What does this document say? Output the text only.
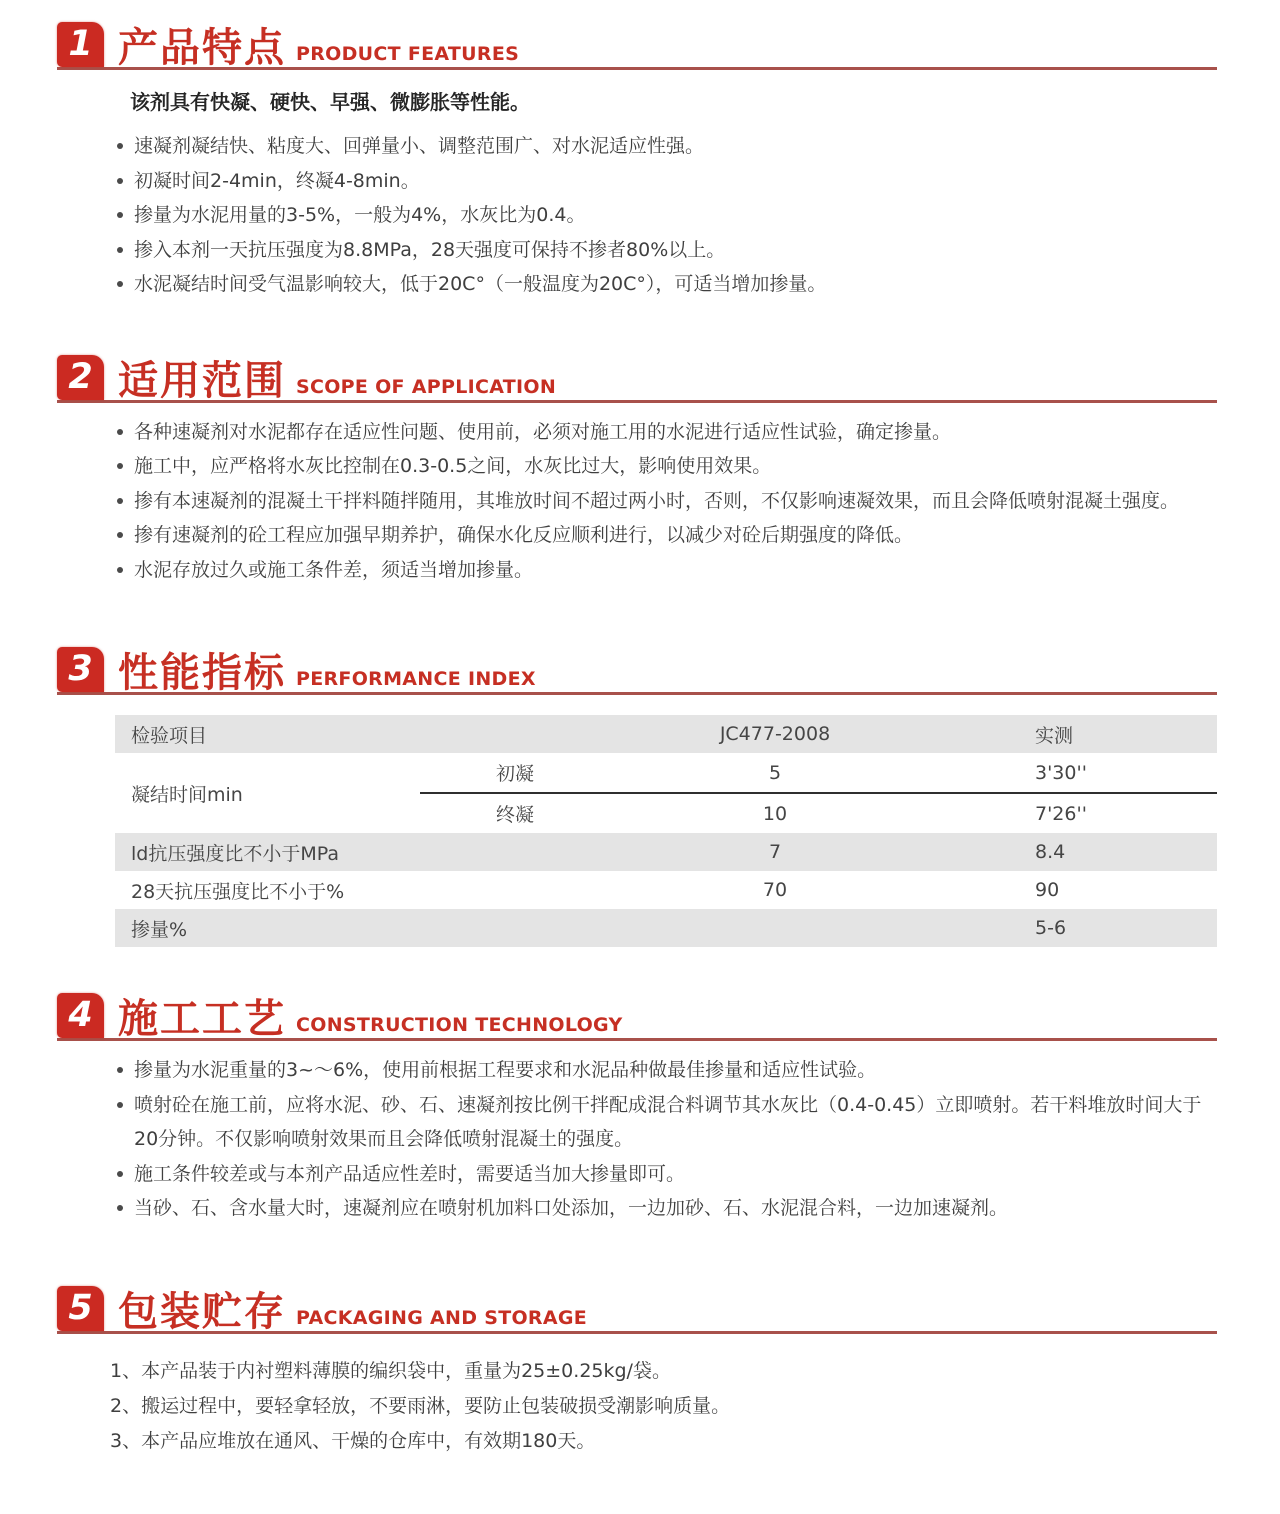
1 产品特点 PRODUCT FEATURES

该剂具有快凝、硬快、早强、微膨胀等性能。

速凝剂凝结快、粘度大、回弹量小、调整范围广、对水泥适应性强。
初凝时间2-4min，终凝4-8min。
掺量为水泥用量的3-5%，一般为4%，水灰比为0.4。
掺入本剂一天抗压强度为8.8MPa，28天强度可保持不掺者80%以上。
水泥凝结时间受气温影响较大，低于20C°（一般温度为20C°），可适当增加掺量。
2 适用范围 SCOPE OF APPLICATION
各种速凝剂对水泥都存在适应性问题、使用前，必须对施工用的水泥进行适应性试验，确定掺量。
施工中，应严格将水灰比控制在0.3-0.5之间，水灰比过大，影响使用效果。
掺有本速凝剂的混凝土干拌料随拌随用，其堆放时间不超过两小时，否则，不仅影响速凝效果，而且会降低喷射混凝土强度。
掺有速凝剂的砼工程应加强早期养护，确保水化反应顺利进行，以减少对砼后期强度的降低。
水泥存放过久或施工条件差，须适当增加掺量。
3 性能指标 PERFORMANCE INDEX
检验项目		JC477-2008	实测
凝结时间min	初凝	5	3'30''
	终凝	10	7'26''
ld抗压强度比不小于MPa		7	8.4
28天抗压强度比不小于%		70	90
掺量%			5-6
4 施工工艺 CONSTRUCTION TECHNOLOGY
掺量为水泥重量的3~～6%，使用前根据工程要求和水泥品种做最佳掺量和适应性试验。
喷射砼在施工前，应将水泥、砂、石、速凝剂按比例干拌配成混合料调节其水灰比（0.4-0.45）立即喷射。若干料堆放时间大于20分钟。不仅影响喷射效果而且会降低喷射混凝土的强度。
施工条件较差或与本剂产品适应性差时，需要适当加大掺量即可。
当砂、石、含水量大时，速凝剂应在喷射机加料口处添加，一边加砂、石、水泥混合料，一边加速凝剂。
5 包装贮存 PACKAGING AND STORAGE
1、本产品装于内衬塑料薄膜的编织袋中，重量为25±0.25kg/袋。
2、搬运过程中，要轻拿轻放，不要雨淋，要防止包装破损受潮影响质量。
3、本产品应堆放在通风、干燥的仓库中，有效期180天。
